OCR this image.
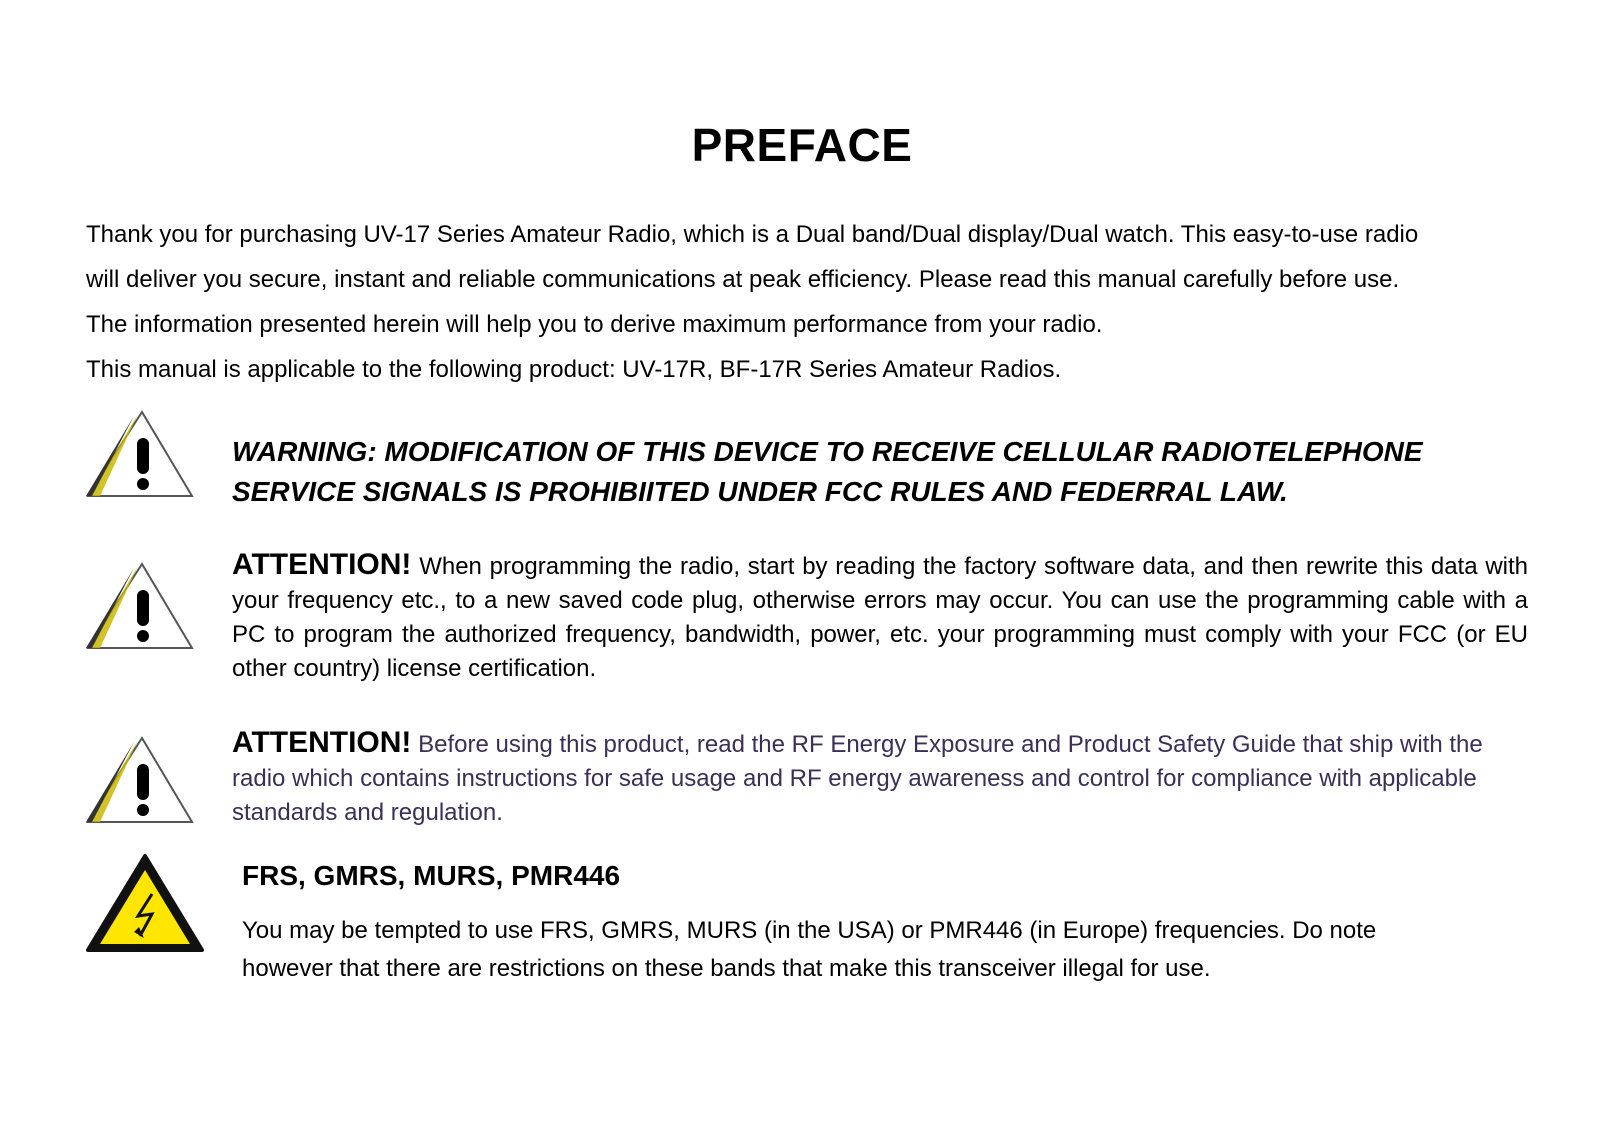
PREFACE

Thank you for purchasing UV-17 Series Amateur Radio, which is a Dual band/Dual display/Dual watch. This easy-to-use radio

will deliver you secure, instant and reliable communications at peak efficiency. Please read this manual carefully before use.

The information presented herein will help you to derive maximum performance from your radio.

This manual is applicable to the following product: UV-17R, BF-17R Series Amateur Radios.

WARNING: MODIFICATION OF THIS DEVICE TO RECEIVE CELLULAR RADIOTELEPHONE
SERVICE SIGNALS IS PROHIBIITED UNDER FCC RULES AND FEDERRAL LAW.
ATTENTION! When programming the radio, start by reading the factory software data, and then rewrite this data with your frequency etc., to a new saved code plug, otherwise errors may occur. You can use the programming cable with a PC to program the authorized frequency, bandwidth, power, etc. your programming must comply with your FCC (or EU other country) license certification.
ATTENTION! Before using this product, read the RF Energy Exposure and Product Safety Guide that ship with the radio which contains instructions for safe usage and RF energy awareness and control for compliance with applicable standards and regulation.
FRS, GMRS, MURS, PMR446
You may be tempted to use FRS, GMRS, MURS (in the USA) or PMR446 (in Europe) frequencies. Do note
however that there are restrictions on these bands that make this transceiver illegal for use.
